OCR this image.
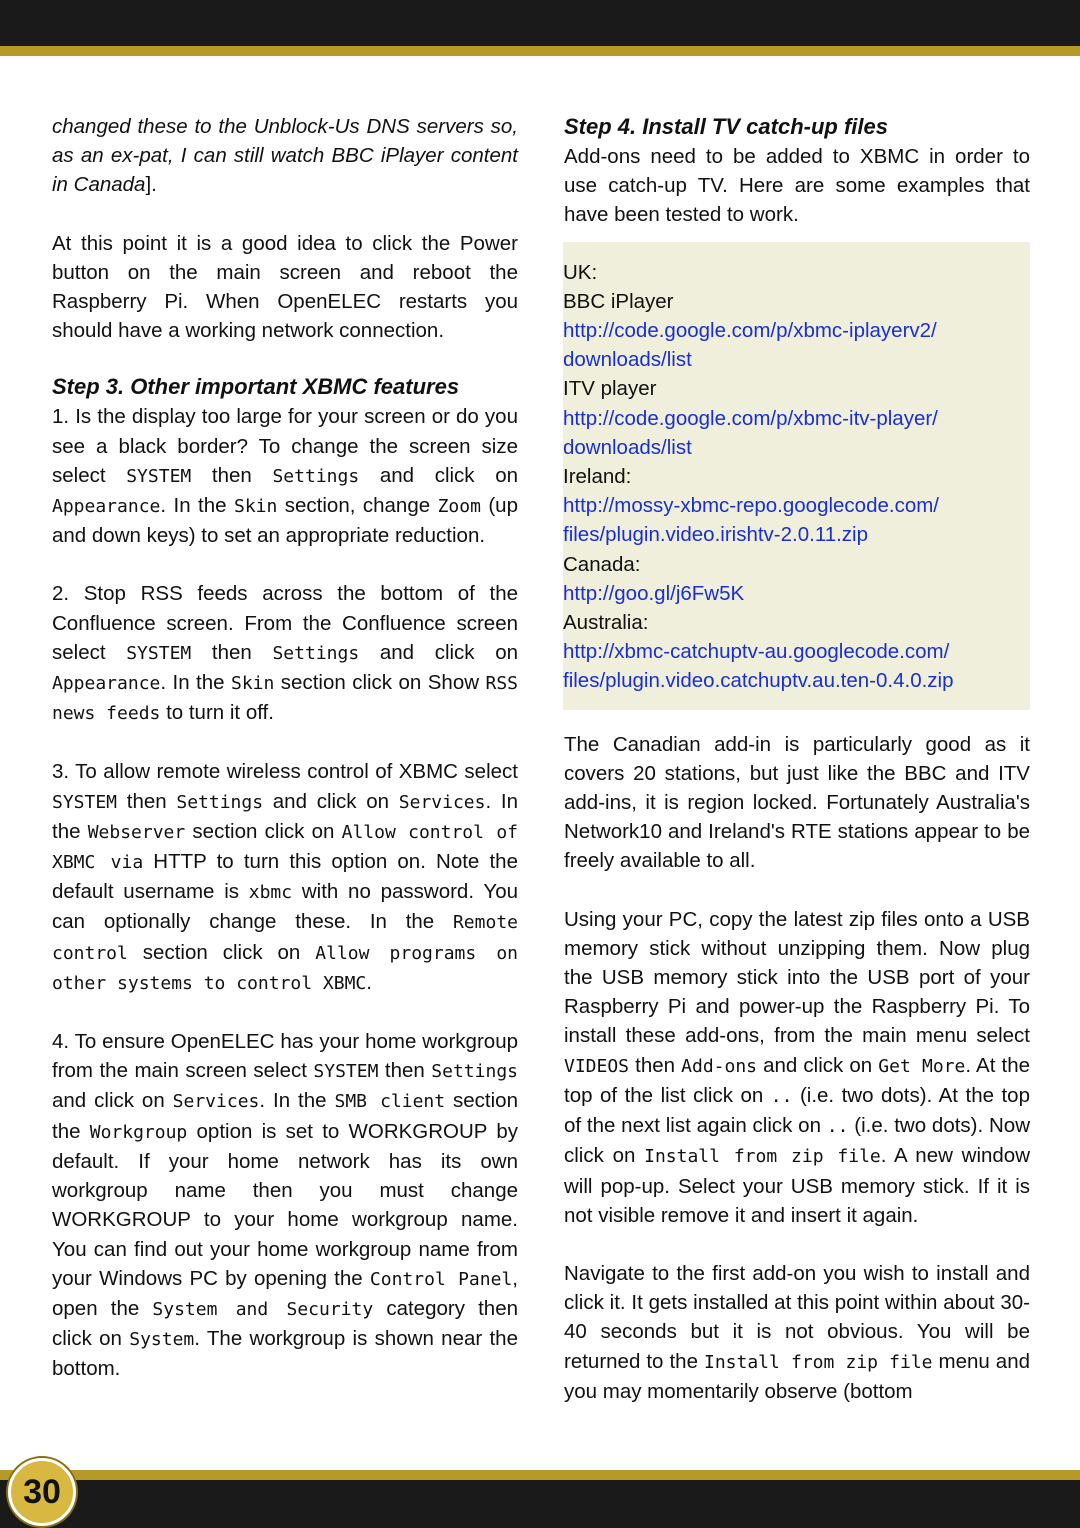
changed these to the Unblock-Us DNS servers so, as an ex-pat, I can still watch BBC iPlayer content in Canada].

At this point it is a good idea to click the Power button on the main screen and reboot the Raspberry Pi. When OpenELEC restarts you should have a working network connection.

Step 3. Other important XBMC features

1. Is the display too large for your screen or do you see a black border? To change the screen size select SYSTEM then Settings and click on Appearance. In the Skin section, change Zoom (up and down keys) to set an appropriate reduction.

2. Stop RSS feeds across the bottom of the Confluence screen. From the Confluence screen select SYSTEM then Settings and click on Appearance. In the Skin section click on Show RSS news feeds to turn it off.

3. To allow remote wireless control of XBMC select SYSTEM then Settings and click on Services. In the Webserver section click on Allow control of XBMC via HTTP to turn this option on. Note the default username is xbmc with no password. You can optionally change these. In the Remote control section click on Allow programs on other systems to control XBMC.

4. To ensure OpenELEC has your home workgroup from the main screen select SYSTEM then Settings and click on Services. In the SMB client section the Workgroup option is set to WORKGROUP by default. If your home network has its own workgroup name then you must change WORKGROUP to your home workgroup name. You can find out your home workgroup name from your Windows PC by opening the Control Panel, open the System and Security category then click on System. The workgroup is shown near the bottom.

Step 4. Install TV catch-up files

Add-ons need to be added to XBMC in order to use catch-up TV. Here are some examples that have been tested to work.

UK:
BBC iPlayer
http://code.google.com/p/xbmc-iplayerv2/
downloads/list
ITV player
http://code.google.com/p/xbmc-itv-player/
downloads/list
Ireland:
http://mossy-xbmc-repo.googlecode.com/
files/plugin.video.irishtv-2.0.11.zip
Canada:
http://goo.gl/j6Fw5K
Australia:
http://xbmc-catchuptv-au.googlecode.com/
files/plugin.video.catchuptv.au.ten-0.4.0.zip

The Canadian add-in is particularly good as it covers 20 stations, but just like the BBC and ITV add-ins, it is region locked. Fortunately Australia's Network10 and Ireland's RTE stations appear to be freely available to all.

Using your PC, copy the latest zip files onto a USB memory stick without unzipping them. Now plug the USB memory stick into the USB port of your Raspberry Pi and power-up the Raspberry Pi. To install these add-ons, from the main menu select VIDEOS then Add-ons and click on Get More. At the top of the list click on .. (i.e. two dots). At the top of the next list again click on .. (i.e. two dots). Now click on Install from zip file. A new window will pop-up. Select your USB memory stick. If it is not visible remove it and insert it again.

Navigate to the first add-on you wish to install and click it. It gets installed at this point within about 30-40 seconds but it is not obvious. You will be returned to the Install from zip file menu and you may momentarily observe (bottom

30
